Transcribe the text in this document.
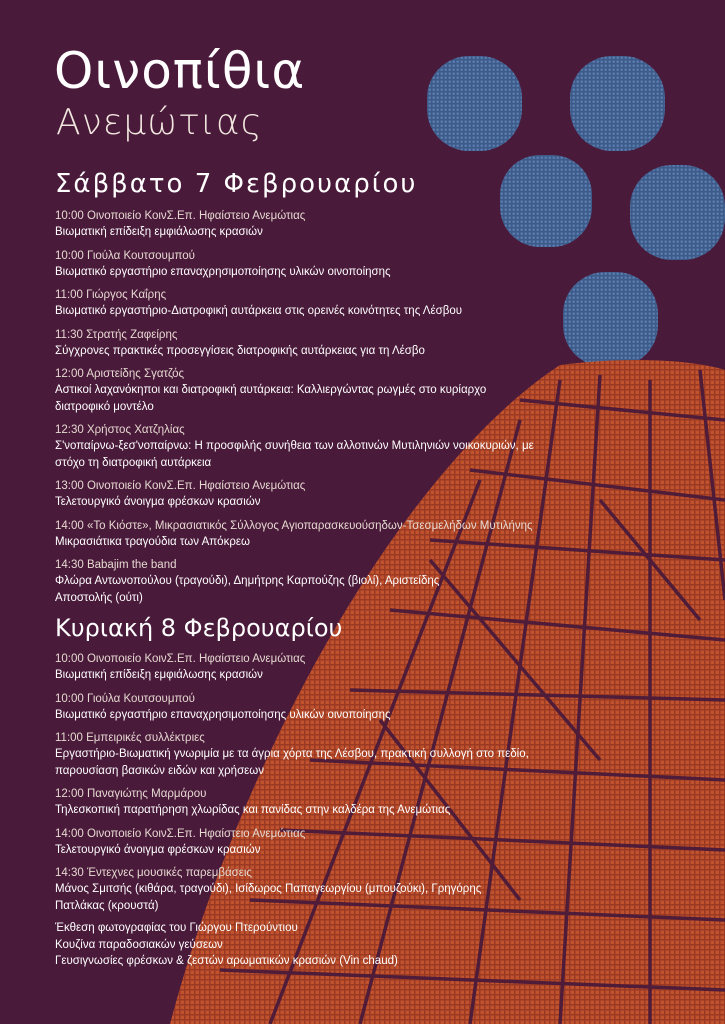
Οινοπίθια
Ανεμώτιας
Σάββατο 7 Φεβρουαρίου
10:00 Οινοποιείο ΚοινΣ.Επ. Ηφαίστειο Ανεμώτιας
Βιωματική επίδειξη εμφιάλωσης κρασιών
10:00 Γιούλα Κουτσουμπού
Βιωματικό εργαστήριο επαναχρησιμοποίησης υλικών οινοποίησης
11:00 Γιώργος Καΐρης
Βιωματικό εργαστήριο-Διατροφική αυτάρκεια στις ορεινές κοινότητες της Λέσβου
11:30 Στρατής Ζαφείρης
Σύγχρονες πρακτικές προσεγγίσεις διατροφικής αυτάρκειας για τη Λέσβο
12:00 Αριστείδης Σγατζός
Αστικοί λαχανόκηποι και διατροφική αυτάρκεια: Καλλιεργώντας ρωγμές στο κυρίαρχο διατροφικό μοντέλο
12:30 Χρήστος Χατζηλίας
Σ'νοπαίρνω-ξεσ'νοπαίρνω: Η προσφιλής συνήθεια των αλλοτινών Μυτιληνιών νοικοκυριών, με στόχο τη διατροφική αυτάρκεια
13:00 Οινοποιείο ΚοινΣ.Επ. Ηφαίστειο Ανεμώτιας
Τελετουργικό άνοιγμα φρέσκων κρασιών
14:00 «Το Κιόστε», Μικρασιατικός Σύλλογος Αγιοπαρασκευούσηδων-Τσεσμελήδων Μυτιλήνης
Μικρασιάτικα τραγούδια των Απόκρεω
14:30 Babajim the band
Φλώρα Αντωνοπούλου (τραγούδι), Δημήτρης Καρπούζης (βιολί), Αριστείδης Αποστολής (ούτι)
Κυριακή 8 Φεβρουαρίου
10:00 Οινοποιείο ΚοινΣ.Επ. Ηφαίστειο Ανεμώτιας
Βιωματική επίδειξη εμφιάλωσης κρασιών
10:00 Γιούλα Κουτσουμπού
Βιωματικό εργαστήριο επαναχρησιμοποίησης υλικών οινοποίησης
11:00 Εμπειρικές συλλέκτριες
Εργαστήριο-Βιωματική γνωριμία με τα άγρια χόρτα της Λέσβου, πρακτική συλλογή στο πεδίο, παρουσίαση βασικών ειδών και χρήσεων
12:00 Παναγιώτης Μαρμάρου
Τηλεσκοπική παρατήρηση χλωρίδας και πανίδας στην καλδέρα της Ανεμώτιας
14:00 Οινοποιείο ΚοινΣ.Επ. Ηφαίστειο Ανεμώτιας
Τελετουργικό άνοιγμα φρέσκων κρασιών
14:30 Έντεχνες μουσικές παρεμβάσεις
Μάνος Σμιτσής (κιθάρα, τραγούδι), Ισίδωρος Παπαγεωργίου (μπουζούκι), Γρηγόρης Πατλάκας (κρουστά)
Έκθεση φωτογραφίας του Γιώργου Πτερούντιου
Κουζίνα παραδοσιακών γεύσεων
Γευσιγνωσίες φρέσκων & ζεστών αρωματικών κρασιών (Vin chaud)
